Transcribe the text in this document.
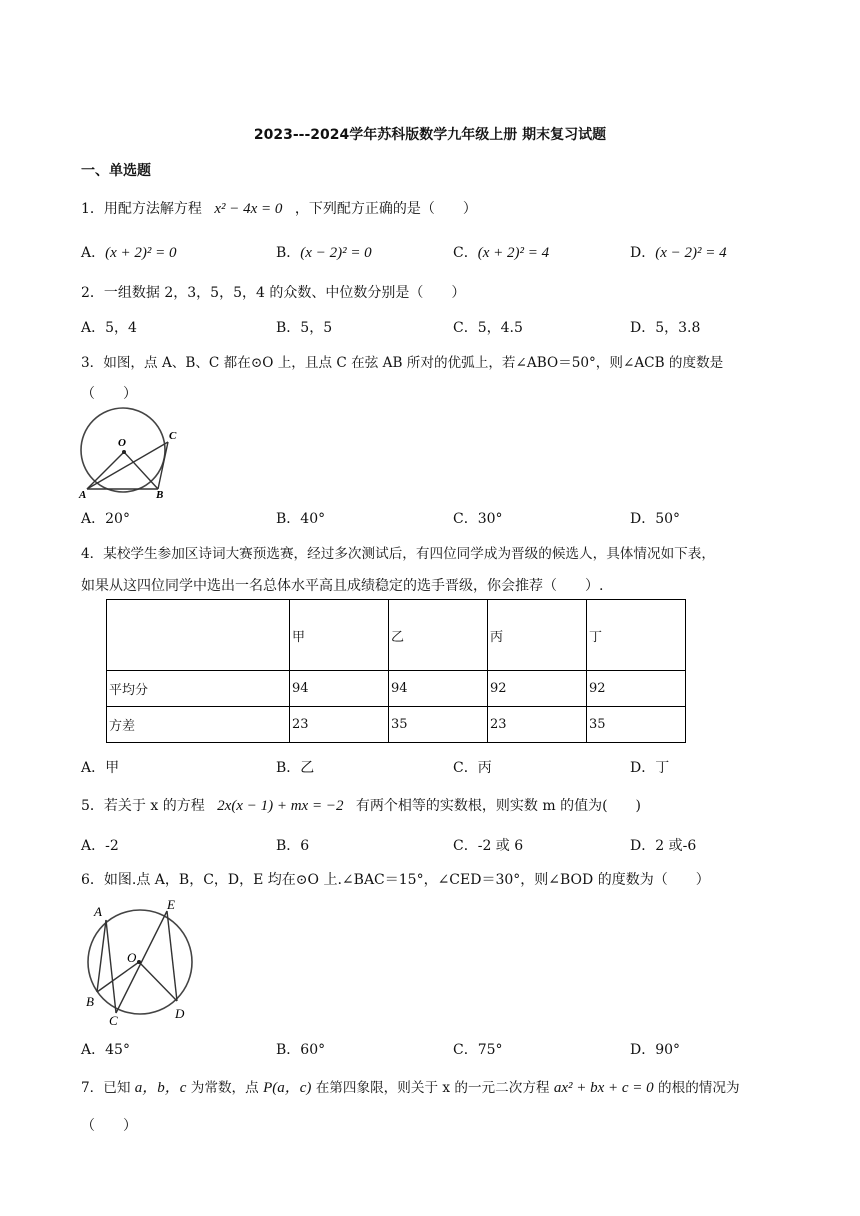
2023---2024学年苏科版数学九年级上册 期末复习试题
一、单选题
1．用配方法解方程 x² − 4x = 0 ，下列配方正确的是（　　）
A．(x + 2)² = 0	B．(x − 2)² = 0	C．(x + 2)² = 4	D．(x − 2)² = 4
2．一组数据 2，3，5，5，4 的众数、中位数分别是（　　）
A．5，4	B．5，5	C．5，4.5	D．5，3.8
3．如图，点 A、B、C 都在⊙O 上，且点 C 在弦 AB 所对的优弧上，若∠ABO＝50°，则∠ACB 的度数是
（　　）
O
A	B
C
A．20°	B．40°	C．30°	D．50°
4．某校学生参加区诗词大赛预选赛，经过多次测试后，有四位同学成为晋级的候选人，具体情况如下表，
如果从这四位同学中选出一名总体水平高且成绩稳定的选手晋级，你会推荐（　　）.
	甲	乙	丙	丁
平均分	94	94	92	92
方差	23	35	23	35
A．甲	B．乙	C．丙	D．丁
5．若关于 x 的方程 2x(x − 1) + mx = −2 有两个相等的实数根，则实数 m 的值为(　　)
A．-2	B．6	C．-2 或 6	D．2 或-6
6．如图.点 A，B，C，D，E 均在⊙O 上.∠BAC＝15°，∠CED＝30°，则∠BOD 的度数为（　　）
A	E
O
B
C	D
A．45°	B．60°	C．75°	D．90°
7．已知 a，b，c 为常数，点 P(a，c) 在第四象限，则关于 x 的一元二次方程 ax² + bx + c = 0 的根的情况为
（　　）
